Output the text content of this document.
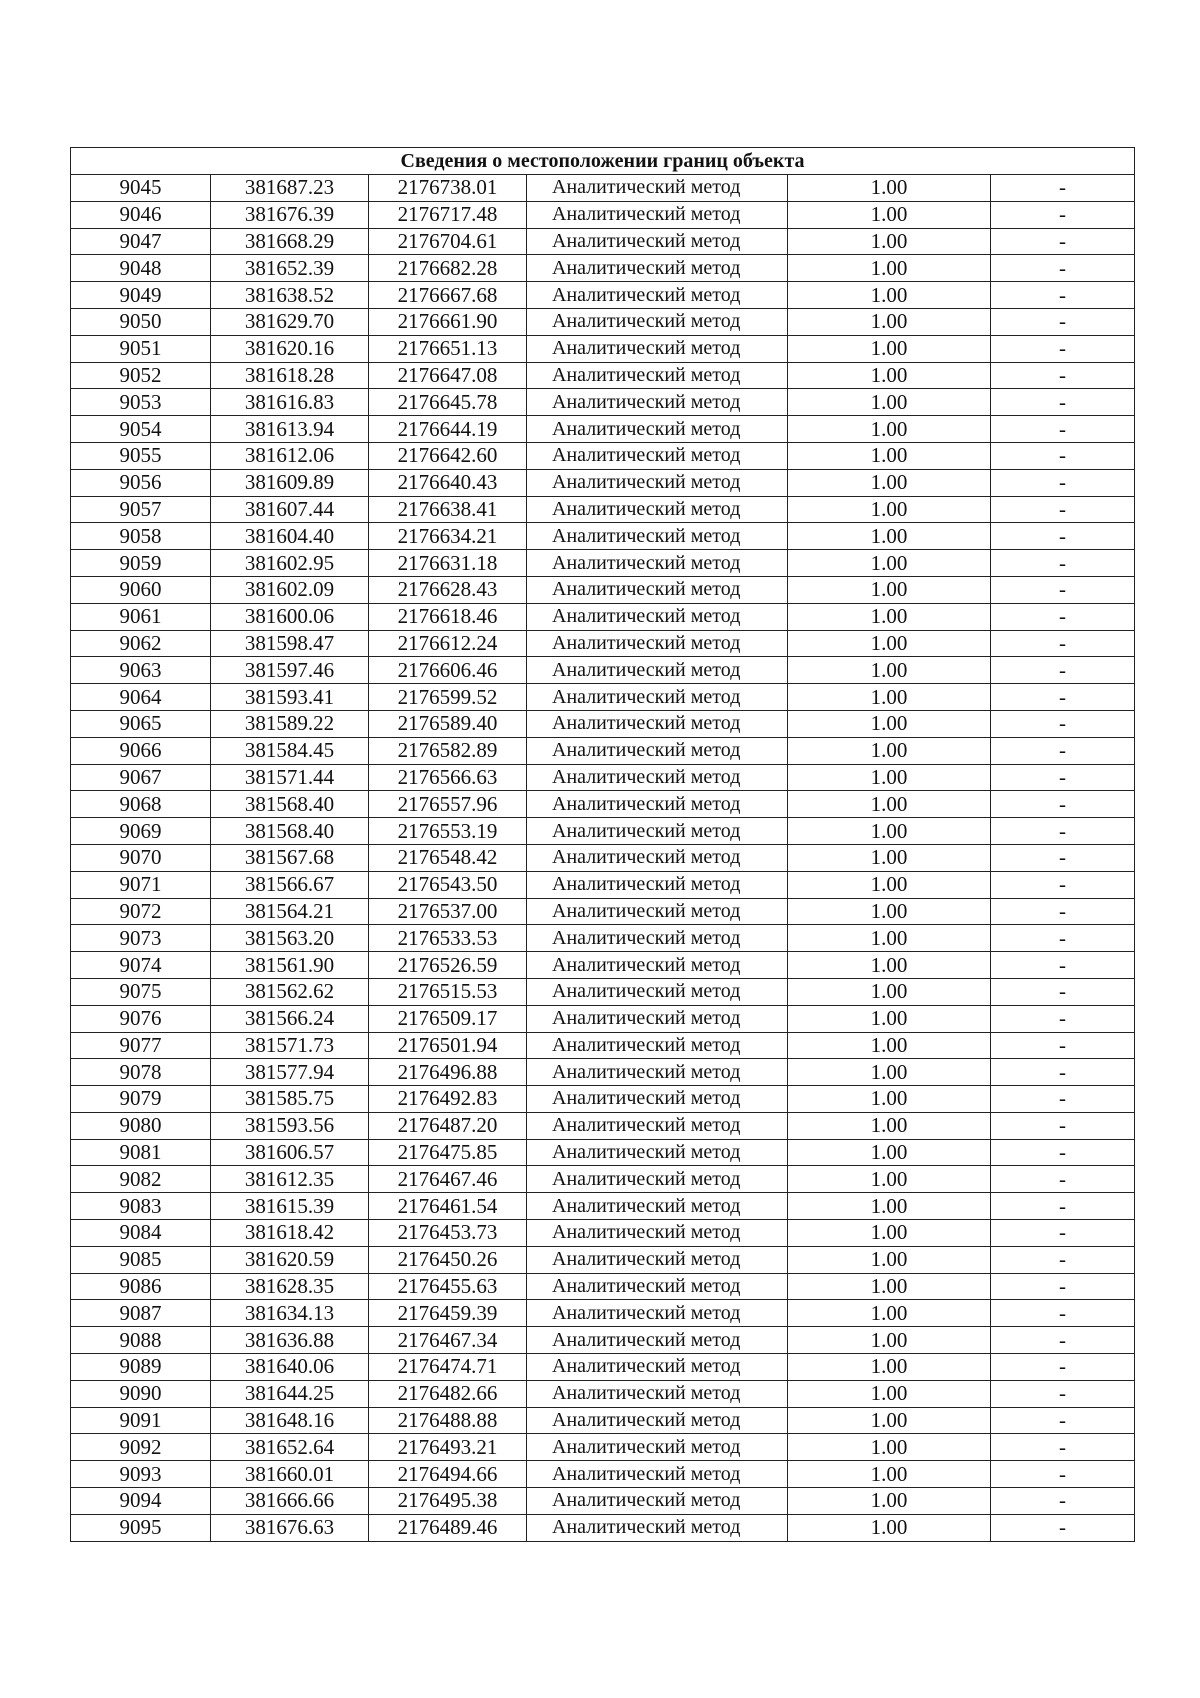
Сведения о местоположении границ объекта					
9045	381687.23	2176738.01	Аналитический метод	1.00	-
9046	381676.39	2176717.48	Аналитический метод	1.00	-
9047	381668.29	2176704.61	Аналитический метод	1.00	-
9048	381652.39	2176682.28	Аналитический метод	1.00	-
9049	381638.52	2176667.68	Аналитический метод	1.00	-
9050	381629.70	2176661.90	Аналитический метод	1.00	-
9051	381620.16	2176651.13	Аналитический метод	1.00	-
9052	381618.28	2176647.08	Аналитический метод	1.00	-
9053	381616.83	2176645.78	Аналитический метод	1.00	-
9054	381613.94	2176644.19	Аналитический метод	1.00	-
9055	381612.06	2176642.60	Аналитический метод	1.00	-
9056	381609.89	2176640.43	Аналитический метод	1.00	-
9057	381607.44	2176638.41	Аналитический метод	1.00	-
9058	381604.40	2176634.21	Аналитический метод	1.00	-
9059	381602.95	2176631.18	Аналитический метод	1.00	-
9060	381602.09	2176628.43	Аналитический метод	1.00	-
9061	381600.06	2176618.46	Аналитический метод	1.00	-
9062	381598.47	2176612.24	Аналитический метод	1.00	-
9063	381597.46	2176606.46	Аналитический метод	1.00	-
9064	381593.41	2176599.52	Аналитический метод	1.00	-
9065	381589.22	2176589.40	Аналитический метод	1.00	-
9066	381584.45	2176582.89	Аналитический метод	1.00	-
9067	381571.44	2176566.63	Аналитический метод	1.00	-
9068	381568.40	2176557.96	Аналитический метод	1.00	-
9069	381568.40	2176553.19	Аналитический метод	1.00	-
9070	381567.68	2176548.42	Аналитический метод	1.00	-
9071	381566.67	2176543.50	Аналитический метод	1.00	-
9072	381564.21	2176537.00	Аналитический метод	1.00	-
9073	381563.20	2176533.53	Аналитический метод	1.00	-
9074	381561.90	2176526.59	Аналитический метод	1.00	-
9075	381562.62	2176515.53	Аналитический метод	1.00	-
9076	381566.24	2176509.17	Аналитический метод	1.00	-
9077	381571.73	2176501.94	Аналитический метод	1.00	-
9078	381577.94	2176496.88	Аналитический метод	1.00	-
9079	381585.75	2176492.83	Аналитический метод	1.00	-
9080	381593.56	2176487.20	Аналитический метод	1.00	-
9081	381606.57	2176475.85	Аналитический метод	1.00	-
9082	381612.35	2176467.46	Аналитический метод	1.00	-
9083	381615.39	2176461.54	Аналитический метод	1.00	-
9084	381618.42	2176453.73	Аналитический метод	1.00	-
9085	381620.59	2176450.26	Аналитический метод	1.00	-
9086	381628.35	2176455.63	Аналитический метод	1.00	-
9087	381634.13	2176459.39	Аналитический метод	1.00	-
9088	381636.88	2176467.34	Аналитический метод	1.00	-
9089	381640.06	2176474.71	Аналитический метод	1.00	-
9090	381644.25	2176482.66	Аналитический метод	1.00	-
9091	381648.16	2176488.88	Аналитический метод	1.00	-
9092	381652.64	2176493.21	Аналитический метод	1.00	-
9093	381660.01	2176494.66	Аналитический метод	1.00	-
9094	381666.66	2176495.38	Аналитический метод	1.00	-
9095	381676.63	2176489.46	Аналитический метод	1.00	-
